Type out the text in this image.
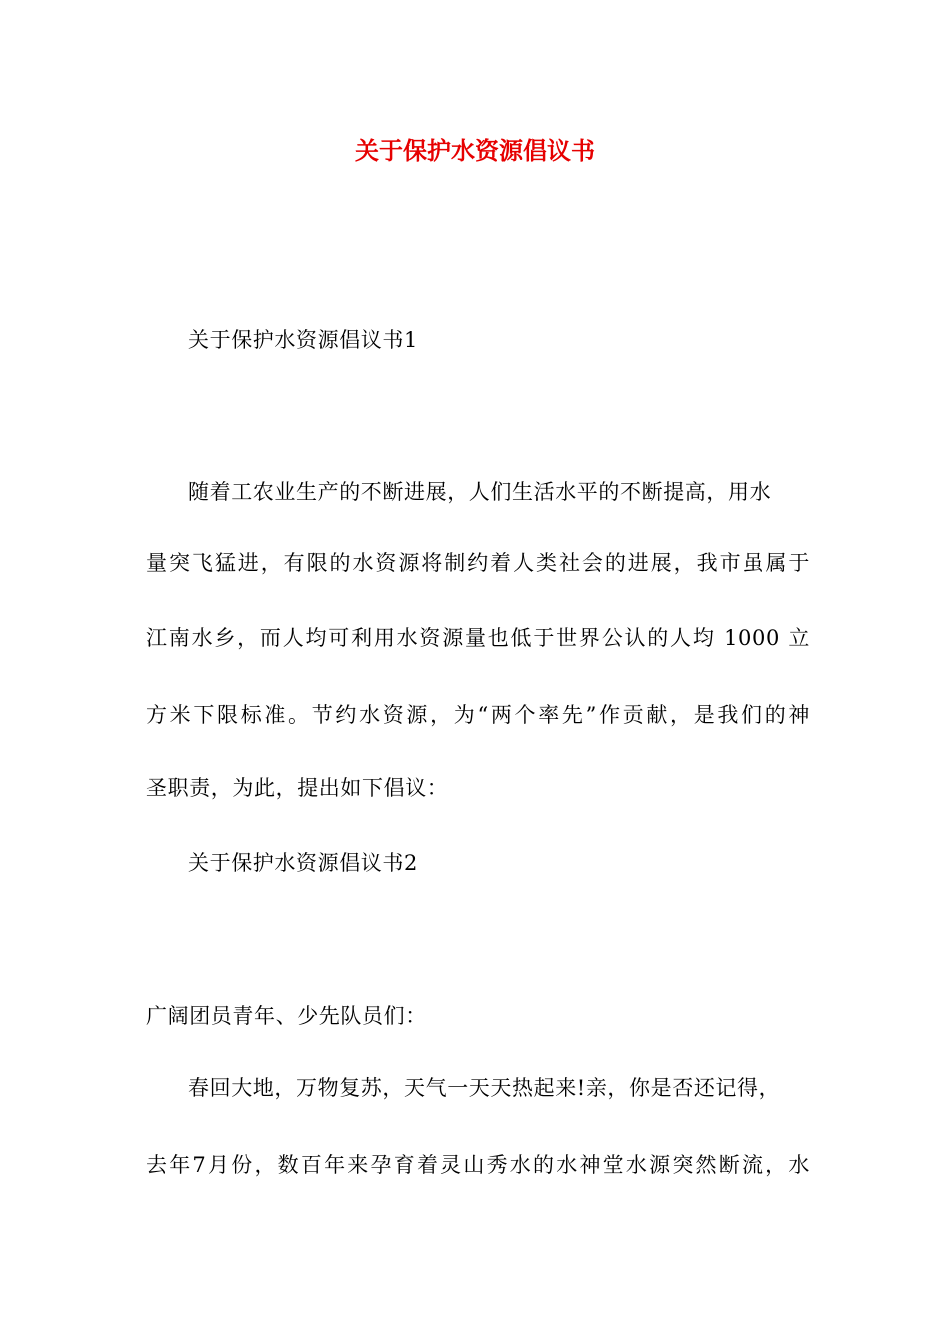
关于保护水资源倡议书
关于保护水资源倡议书1
随着工农业生产的不断进展，人们生活水平的不断提高，用水
量突飞猛进，有限的水资源将制约着人类社会的进展，我市虽属于
江南水乡，而人均可利用水资源量也低于世界公认的人均 1000 立
方米下限标准。节约水资源，为“两个率先”作贡献，是我们的神
圣职责，为此，提出如下倡议：
关于保护水资源倡议书2
广阔团员青年、少先队员们：
春回大地，万物复苏，天气一天天热起来!亲，你是否还记得，
去年7月份，数百年来孕育着灵山秀水的水神堂水源突然断流，水
